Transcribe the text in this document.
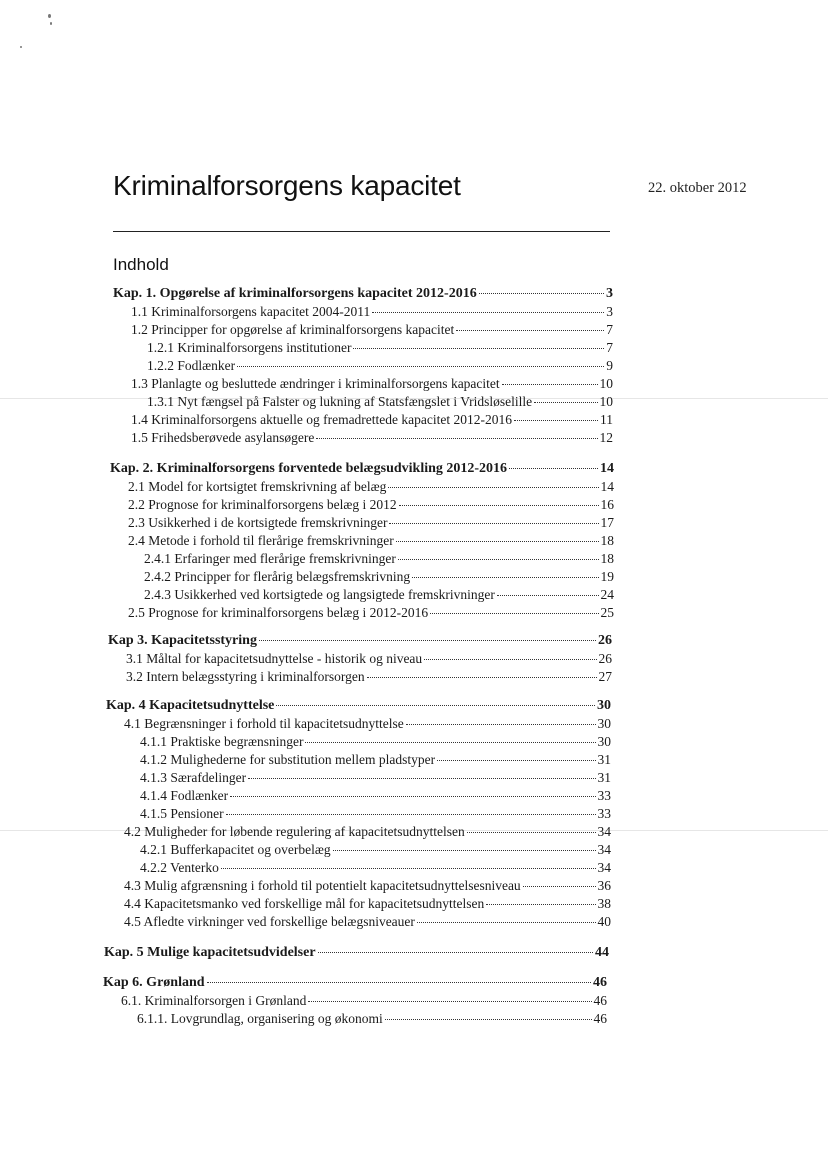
Kriminalforsorgens kapacitet	22. oktober 2012
Indhold
Kap. 1. Opgørelse af kriminalforsorgens kapacitet 2012-2016	3
1.1 Kriminalforsorgens kapacitet 2004-2011	3
1.2 Principper for opgørelse af kriminalforsorgens kapacitet	7
1.2.1 Kriminalforsorgens institutioner	7
1.2.2 Fodlænker	9
1.3 Planlagte og besluttede ændringer i kriminalforsorgens kapacitet	10
1.3.1 Nyt fængsel på Falster og lukning af Statsfængslet i Vridsløselille	10
1.4 Kriminalforsorgens aktuelle og fremadrettede kapacitet 2012-2016	11
1.5 Frihedsberøvede asylansøgere	12
Kap. 2. Kriminalforsorgens forventede belægsudvikling 2012-2016	14
2.1 Model for kortsigtet fremskrivning af belæg	14
2.2 Prognose for kriminalforsorgens belæg i 2012	16
2.3 Usikkerhed i de kortsigtede fremskrivninger	17
2.4 Metode i forhold til flerårige fremskrivninger	18
2.4.1 Erfaringer med flerårige fremskrivninger	18
2.4.2 Principper for flerårig belægsfremskrivning	19
2.4.3 Usikkerhed ved kortsigtede og langsigtede fremskrivninger	24
2.5 Prognose for kriminalforsorgens belæg i 2012-2016	25
Kap 3. Kapacitetsstyring	26
3.1 Måltal for kapacitetsudnyttelse - historik og niveau	26
3.2 Intern belægsstyring i kriminalforsorgen	27
Kap. 4 Kapacitetsudnyttelse	30
4.1 Begrænsninger i forhold til kapacitetsudnyttelse	30
4.1.1 Praktiske begrænsninger	30
4.1.2 Mulighederne for substitution mellem pladstyper	31
4.1.3 Særafdelinger	31
4.1.4 Fodlænker	33
4.1.5 Pensioner	33
4.2 Muligheder for løbende regulering af kapacitetsudnyttelsen	34
4.2.1 Bufferkapacitet og overbelæg	34
4.2.2 Venterko	34
4.3 Mulig afgrænsning i forhold til potentielt kapacitetsudnyttelsesniveau	36
4.4 Kapacitetsmanko ved forskellige mål for kapacitetsudnyttelsen	38
4.5 Afledte virkninger ved forskellige belægsniveauer	40
Kap. 5 Mulige kapacitetsudvidelser	44
Kap 6. Grønland	46
6.1. Kriminalforsorgen i Grønland	46
6.1.1. Lovgrundlag, organisering og økonomi	46
